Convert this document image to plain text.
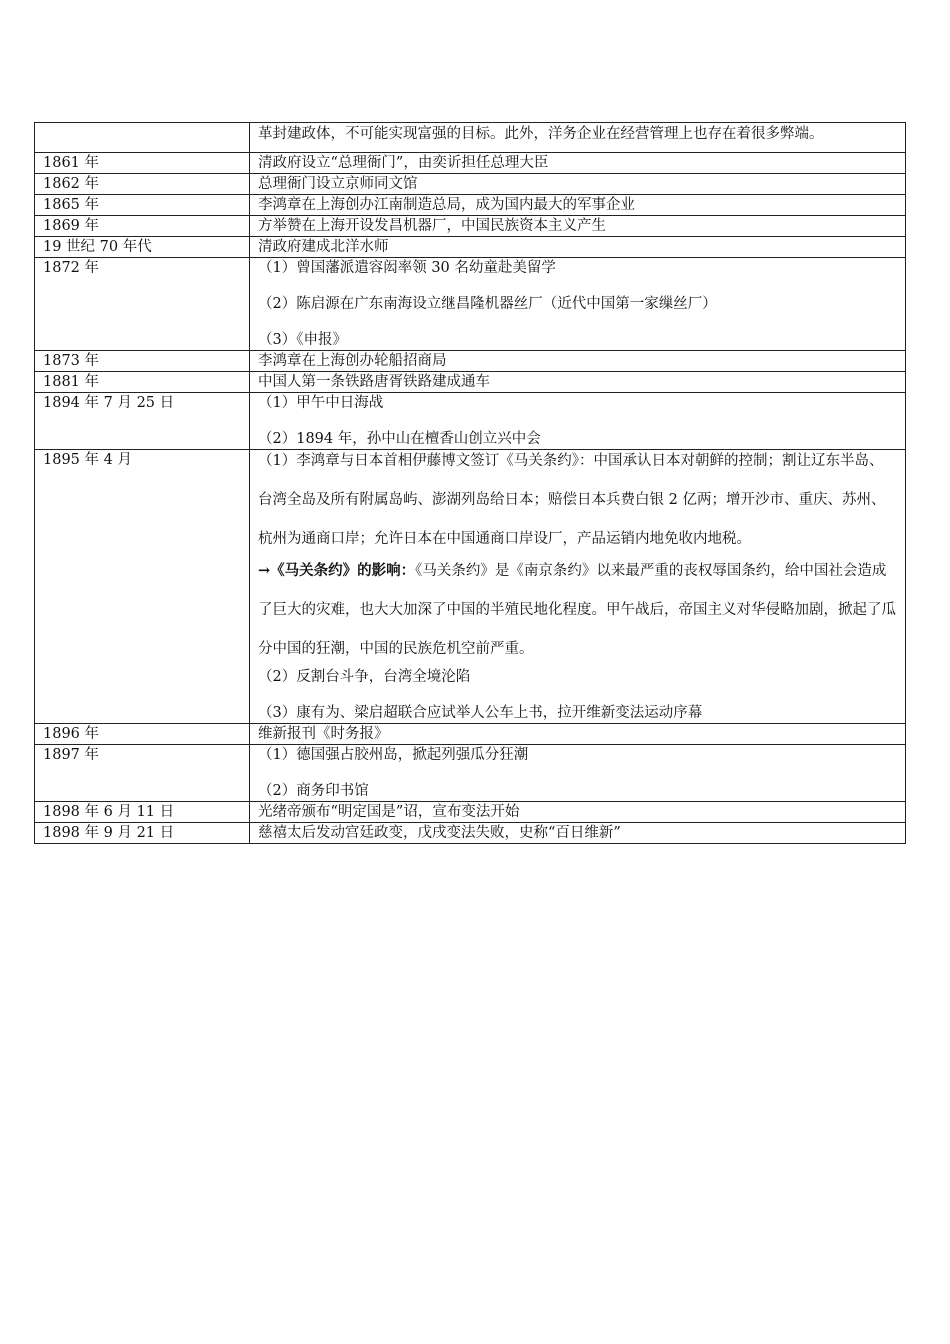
	革封建政体，不可能实现富强的目标。此外，洋务企业在经营管理上也存在着很多弊端。

1861 年	清政府设立“总理衙门”，由奕䜣担任总理大臣

1862 年	总理衙门设立京师同文馆

1865 年	李鸿章在上海创办江南制造总局，成为国内最大的军事企业

1869 年	方举赞在上海开设发昌机器厂，中国民族资本主义产生

19 世纪 70 年代	清政府建成北洋水师

1872 年	（1）曾国藩派遣容闳率领 30 名幼童赴美留学

（2）陈启源在广东南海设立继昌隆机器丝厂（近代中国第一家缫丝厂）

（3）《申报》

1873 年	李鸿章在上海创办轮船招商局

1881 年	中国人第一条铁路唐胥铁路建成通车

1894 年 7 月 25 日	（1）甲午中日海战

（2）1894 年，孙中山在檀香山创立兴中会

1895 年 4 月	（1）李鸿章与日本首相伊藤博文签订《马关条约》：中国承认日本对朝鲜的控制；割让辽东半岛、台湾全岛及所有附属岛屿、澎湖列岛给日本；赔偿日本兵费白银 2 亿两；增开沙市、重庆、苏州、杭州为通商口岸；允许日本在中国通商口岸设厂，产品运销内地免收内地税。

→《马关条约》的影响：《马关条约》是《南京条约》以来最严重的丧权辱国条约，给中国社会造成了巨大的灾难，也大大加深了中国的半殖民地化程度。甲午战后，帝国主义对华侵略加剧，掀起了瓜分中国的狂潮，中国的民族危机空前严重。

（2）反割台斗争，台湾全境沦陷

（3）康有为、梁启超联合应试举人公车上书，拉开维新变法运动序幕

1896 年	维新报刊《时务报》

1897 年	（1）德国强占胶州岛，掀起列强瓜分狂潮

（2）商务印书馆

1898 年 6 月 11 日	光绪帝颁布“明定国是”诏，宣布变法开始

1898 年 9 月 21 日	慈禧太后发动宫廷政变，戊戌变法失败，史称“百日维新”
